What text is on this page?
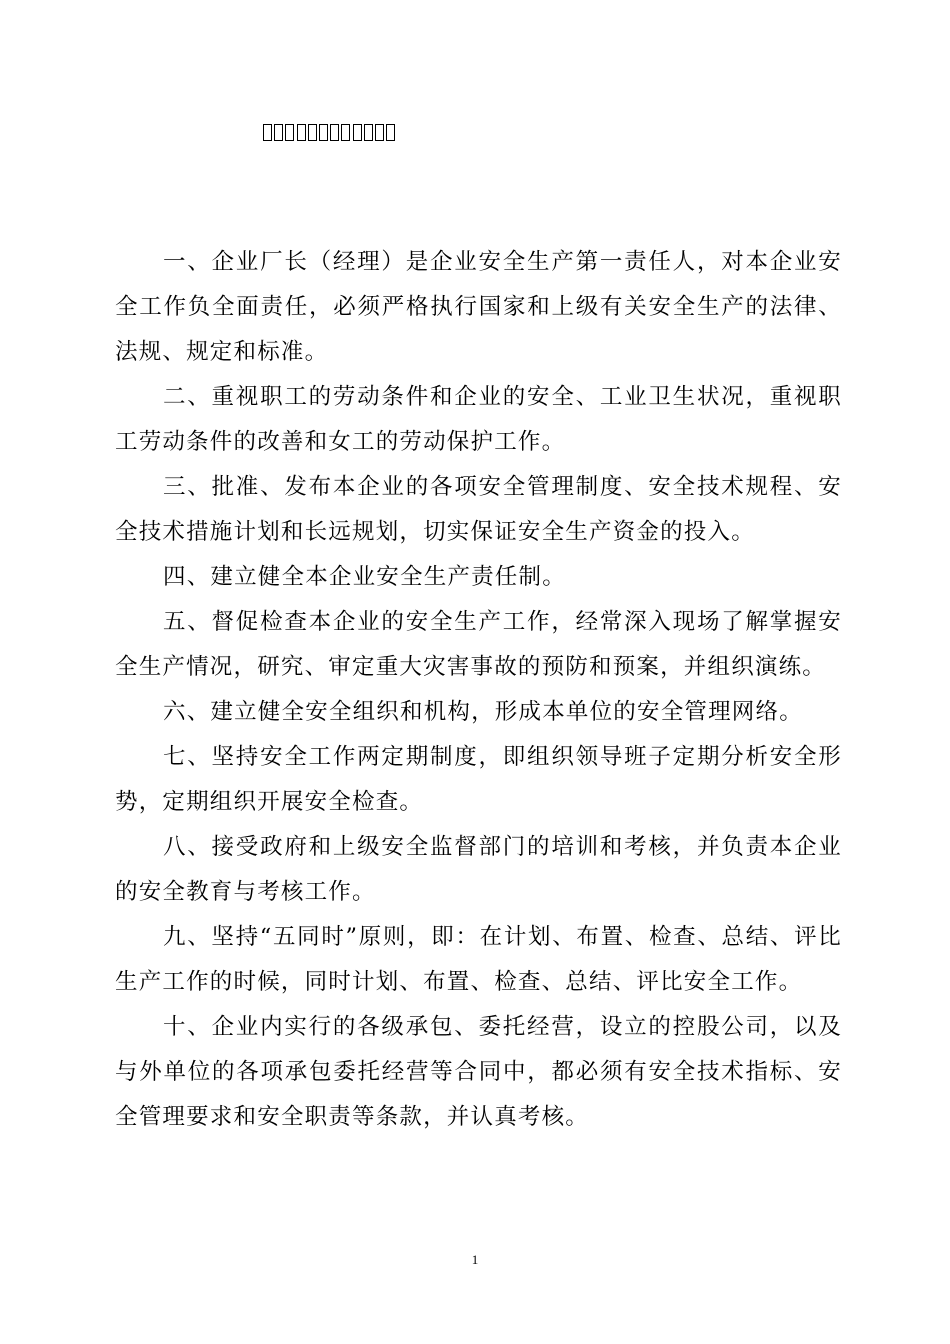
一、企业厂长（经理）是企业安全生产第一责任人，对本企业安全工作负全面责任，必须严格执行国家和上级有关安全生产的法律、法规、规定和标准。

二、重视职工的劳动条件和企业的安全、工业卫生状况，重视职工劳动条件的改善和女工的劳动保护工作。

三、批准、发布本企业的各项安全管理制度、安全技术规程、安全技术措施计划和长远规划，切实保证安全生产资金的投入。

四、建立健全本企业安全生产责任制。

五、督促检查本企业的安全生产工作，经常深入现场了解掌握安全生产情况，研究、审定重大灾害事故的预防和预案，并组织演练。

六、建立健全安全组织和机构，形成本单位的安全管理网络。

七、坚持安全工作两定期制度，即组织领导班子定期分析安全形势，定期组织开展安全检查。

八、接受政府和上级安全监督部门的培训和考核，并负责本企业的安全教育与考核工作。

九、坚持“五同时”原则，即：在计划、布置、检查、总结、评比生产工作的时候，同时计划、布置、检查、总结、评比安全工作。

十、企业内实行的各级承包、委托经营，设立的控股公司，以及与外单位的各项承包委托经营等合同中，都必须有安全技术指标、安全管理要求和安全职责等条款，并认真考核。

1
